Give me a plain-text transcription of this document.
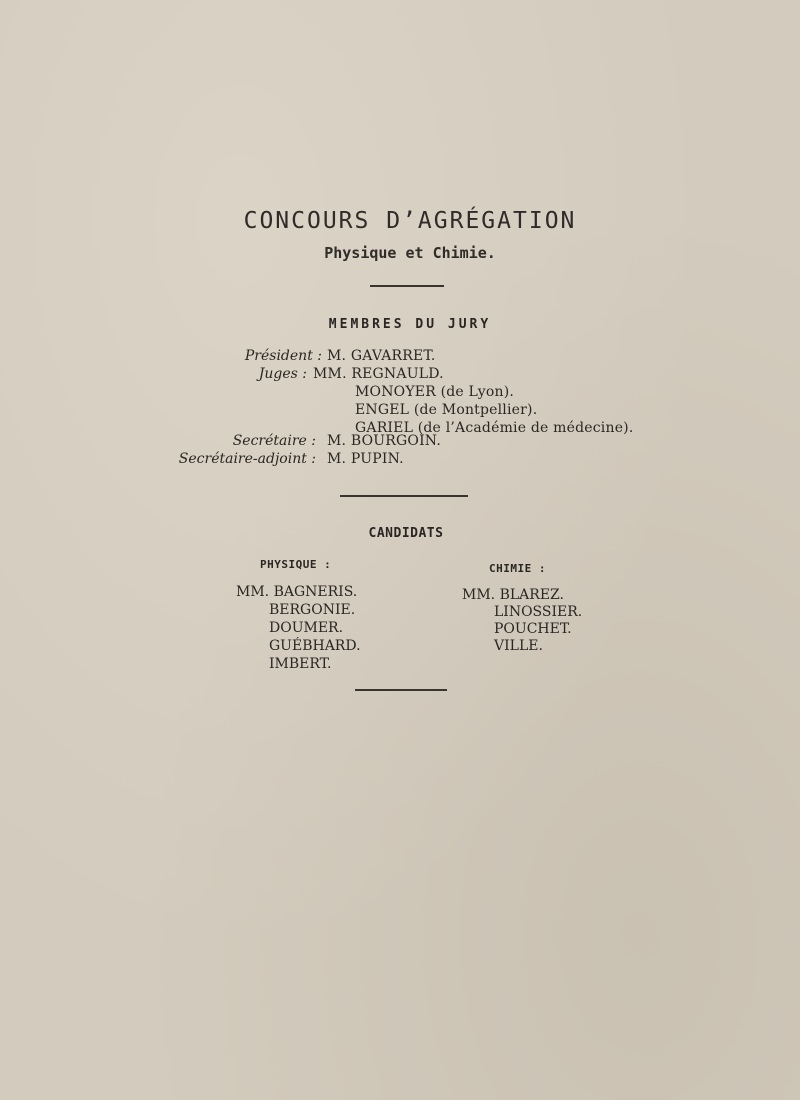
CONCOURS D’AGRÉGATION
Physique et Chimie.
MEMBRES DU JURY
Président : M. GAVARRET.
Juges : MM. REGNAULD.
MONOYER (de Lyon).
ENGEL (de Montpellier).
GARIEL (de l’Académie de médecine).
Secrétaire : M. BOURGOIN.
Secrétaire-adjoint : M. PUPIN.
CANDIDATS
PHYSIQUE :
MM. BAGNERIS.
BERGONIE.
DOUMER.
GUÉBHARD.
IMBERT.
CHIMIE :
MM. BLAREZ.
LINOSSIER.
POUCHET.
VILLE.
